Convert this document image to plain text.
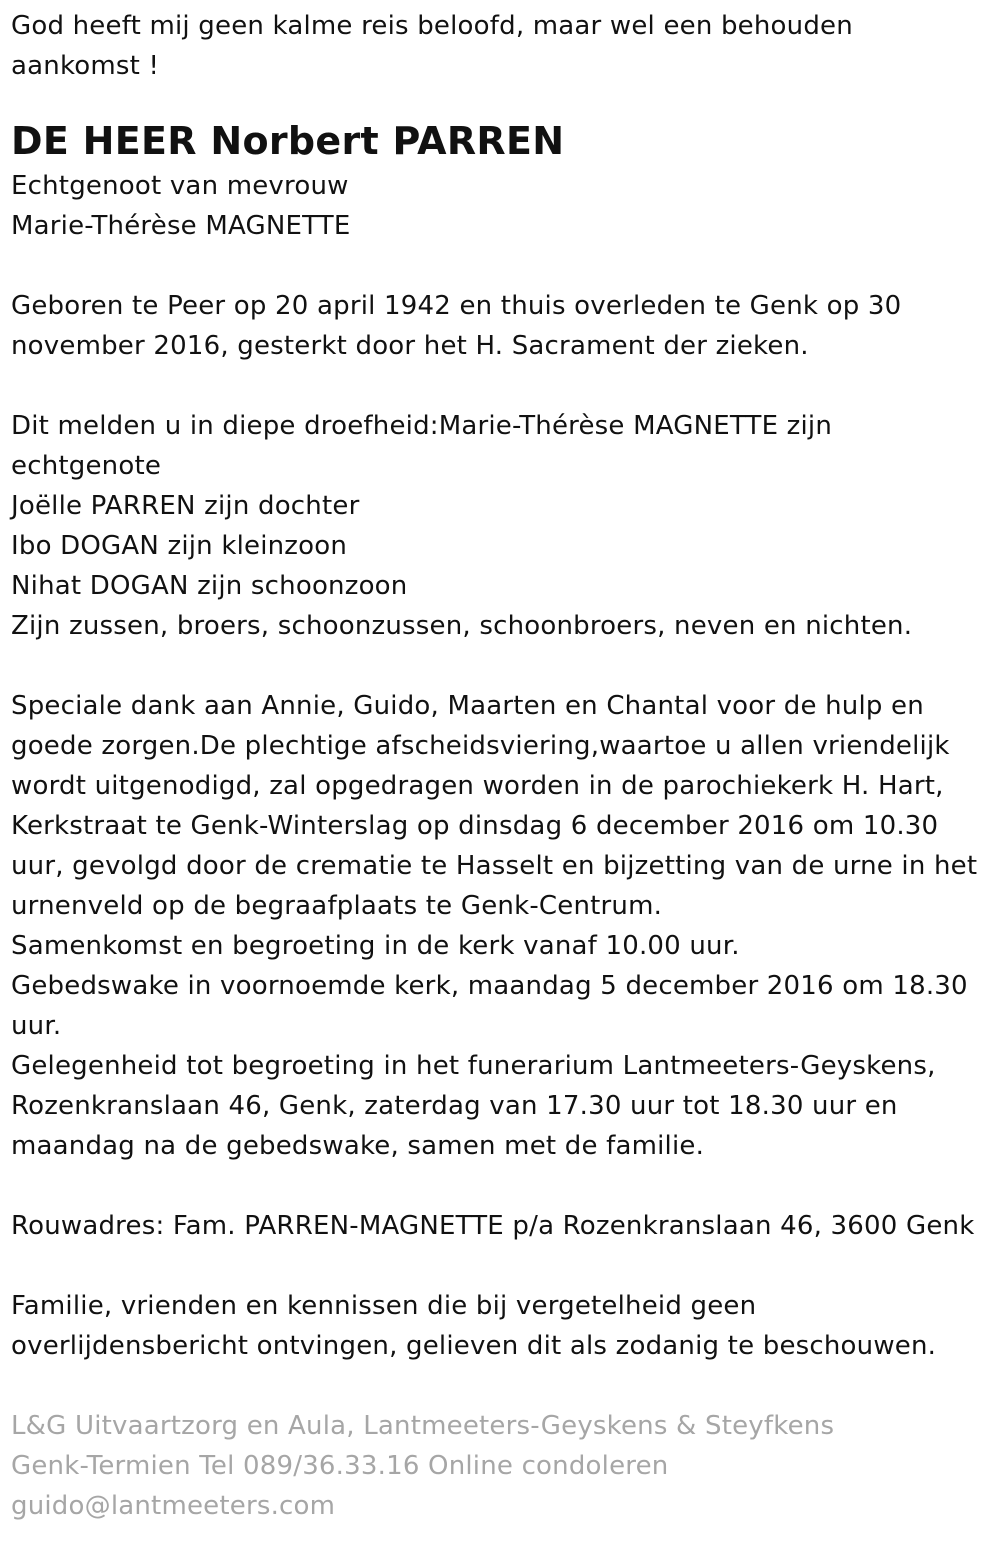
God heeft mij geen kalme reis beloofd, maar wel een behouden aankomst !

DE HEER Norbert PARREN

Echtgenoot van mevrouw
Marie-Thérèse MAGNETTE

Geboren te Peer op 20 april 1942 en thuis overleden te Genk op 30 november 2016, gesterkt door het H. Sacrament der zieken.

Dit melden u in diepe droefheid:Marie-Thérèse MAGNETTE zijn echtgenote

Joëlle PARREN zijn dochter

Ibo DOGAN zijn kleinzoon

Nihat DOGAN zijn schoonzoon

Zijn zussen, broers, schoonzussen, schoonbroers, neven en nichten.

Speciale dank aan Annie, Guido, Maarten en Chantal voor de hulp en goede zorgen.De plechtige afscheidsviering,waartoe u allen vriendelijk wordt uitgenodigd, zal opgedragen worden in de parochiekerk H. Hart, Kerkstraat te Genk-Winterslag op dinsdag 6 december 2016 om 10.30 uur, gevolgd door de crematie te Hasselt en bijzetting van de urne in het urnenveld op de begraafplaats te Genk-Centrum.

Samenkomst en begroeting in de kerk vanaf 10.00 uur.

Gebedswake in voornoemde kerk, maandag 5 december 2016 om 18.30 uur.

Gelegenheid tot begroeting in het funerarium Lantmeeters-Geyskens, Rozenkranslaan 46, Genk, zaterdag van 17.30 uur tot 18.30 uur en maandag na de gebedswake, samen met de familie.

Rouwadres: Fam. PARREN-MAGNETTE p/a Rozenkranslaan 46, 3600 Genk

Familie, vrienden en kennissen die bij vergetelheid geen overlijdensbericht ontvingen, gelieven dit als zodanig te beschouwen.

L&G Uitvaartzorg en Aula, Lantmeeters-Geyskens & Steyfkens

Genk-Termien Tel 089/36.33.16 Online condoleren

guido@lantmeeters.com
